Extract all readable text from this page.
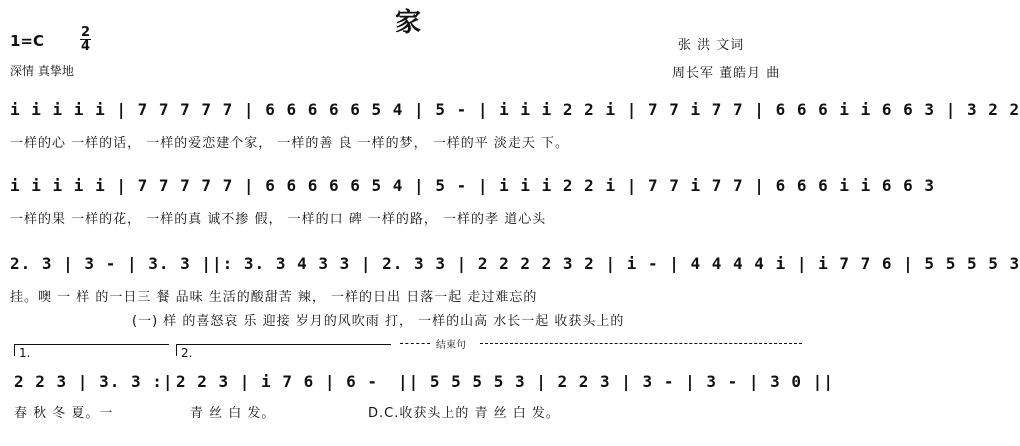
家
1=C	2
4
深情 真挚地
张 洪 文词
周长军 董皓月 曲
i i i i i | 7 7 7 7 7 | 6 6 6 6 6 5 4 | 5 - | i i i 2 2 i | 7 7 i 7 7 | 6 6 6 i i 6 6 3 | 3 2 2
一样的心 一样的话， 一样的爱恋建个家， 一样的善 良 一样的梦， 一样的平 淡走天 下。
i i i i i | 7 7 7 7 7 | 6 6 6 6 6 5 4 | 5 - | i i i 2 2 i | 7 7 i 7 7 | 6 6 6 i i 6 6 3
一样的果 一样的花， 一样的真 诚不掺 假， 一样的口 碑 一样的路， 一样的孝 道心头
2. 3 | 3 - | 3. 3 ||: 3. 3 4 3 3 | 2. 3 3 | 2 2 2 2 3 2 | i - | 4 4 4 4 i | i 7 7 6 | 5 5 5 5 3
挂。噢 一 样 的一日三 餐 品味 生活的酸甜苦 辣， 一样的日出 日落一起 走过难忘的
(一) 样 的喜怒哀 乐 迎接 岁月的风吹雨 打， 一样的山高 水长一起 收获头上的
1.	2.
结束句
2 2 3 | 3. 3 :| 2 2 3 | i 7 6 | 6 - || 5 5 5 5 3 | 2 2 3 | 3 - | 3 - | 3 0 ||
春 秋 冬 夏。一	青 丝 白 发。	D.C.收获头上的 青 丝 白 发。
